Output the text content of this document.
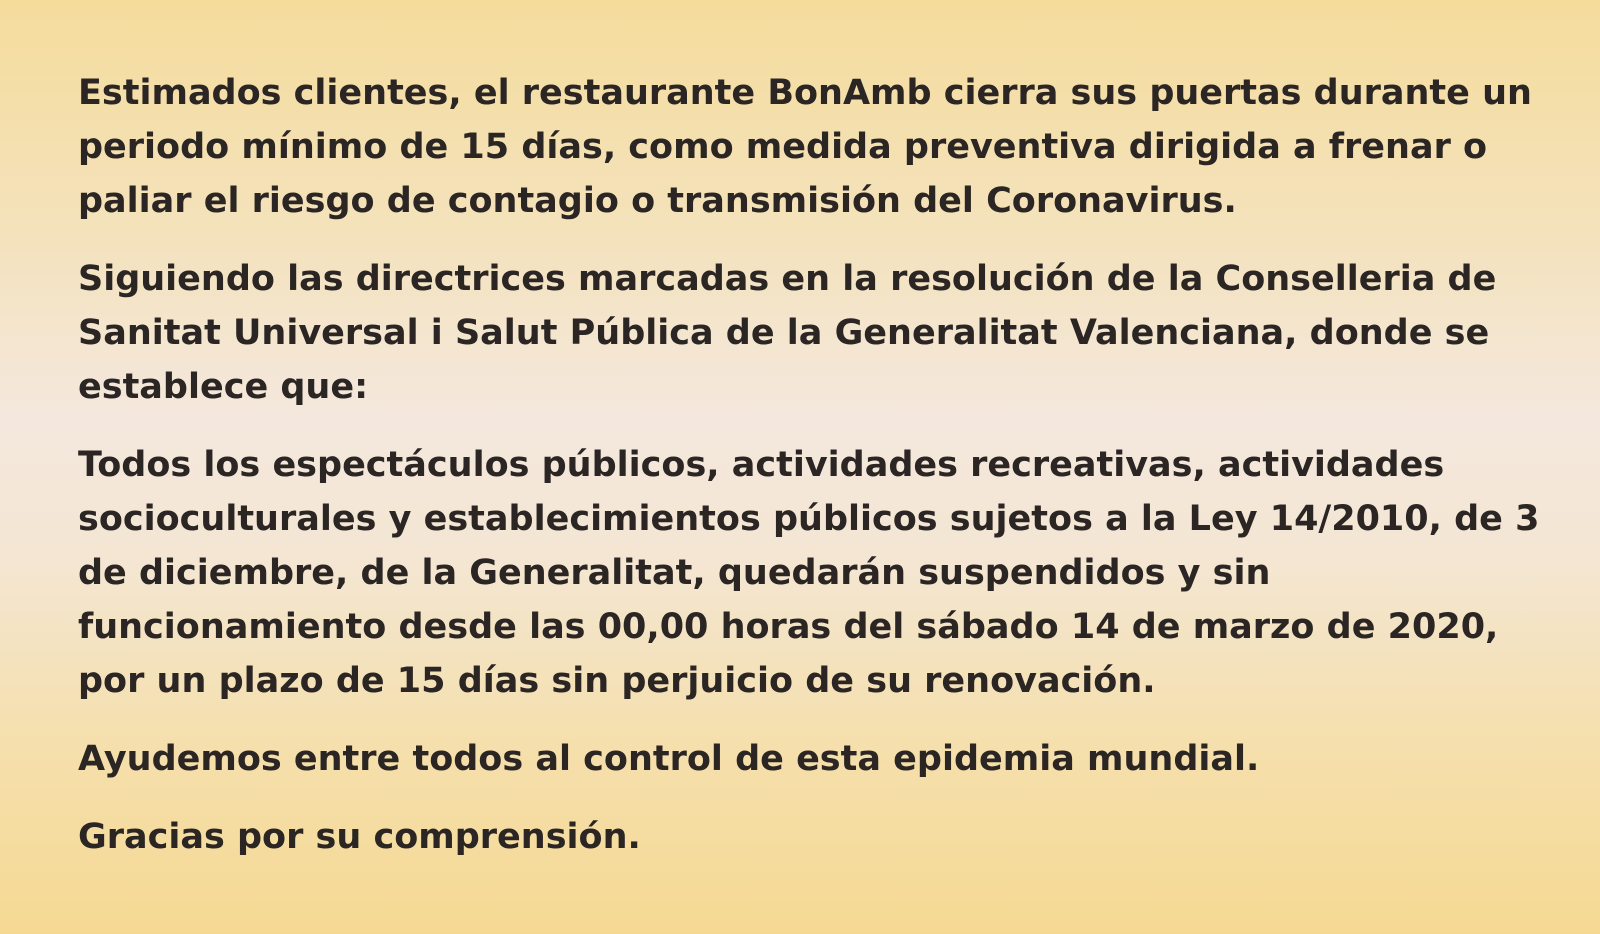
Estimados clientes, el restaurante BonAmb cierra sus puertas durante un periodo mínimo de 15 días, como medida preventiva dirigida a frenar o paliar el riesgo de contagio o transmisión del Coronavirus.

Siguiendo las directrices marcadas en la resolución de la Conselleria de Sanitat Universal i Salut Pública de la Generalitat Valenciana, donde se establece que:

Todos los espectáculos públicos, actividades recreativas, actividades socioculturales y establecimientos públicos sujetos a la Ley 14/2010, de 3 de diciembre, de la Generalitat, quedarán suspendidos y sin funcionamiento desde las 00,00 horas del sábado 14 de marzo de 2020, por un plazo de 15 días sin perjuicio de su renovación.

Ayudemos entre todos al control de esta epidemia mundial.

Gracias por su comprensión.
